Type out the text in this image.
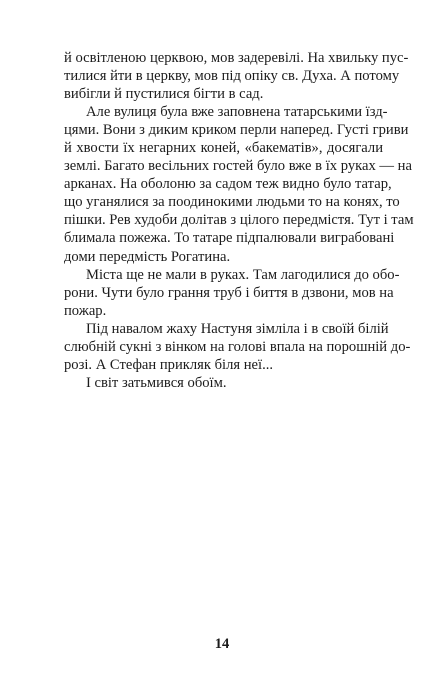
й освітленою церквою, мов задеревілі. На хвильку пус-
тилися йти в церкву, мов під опіку св. Духа. А потому
вибігли й пустилися бігти в сад.
Але вулиця була вже заповнена татарськими їзд-
цями. Вони з диким криком перли наперед. Густі гриви
й хвости їх негарних коней, «бакематів», досягали
землі. Багато весільних гостей було вже в їх руках — на
арканах. На оболоню за садом теж видно було татар,
що уганялися за поодинокими людьми то на конях, то
пішки. Рев худоби долітав з цілого передмістя. Тут і там
блимала пожежа. То татаре підпалювали виграбовані
доми передмість Рогатина.
Міста ще не мали в руках. Там лагодилися до обо-
рони. Чути було грання труб і биття в дзвони, мов на
пожар.
Під навалом жаху Настуня зімліла і в своїй білій
слюбній сукні з вінком на голові впала на порошній до-
розі. А Стефан прикляк біля неї...
І світ затьмився обоїм.
14
